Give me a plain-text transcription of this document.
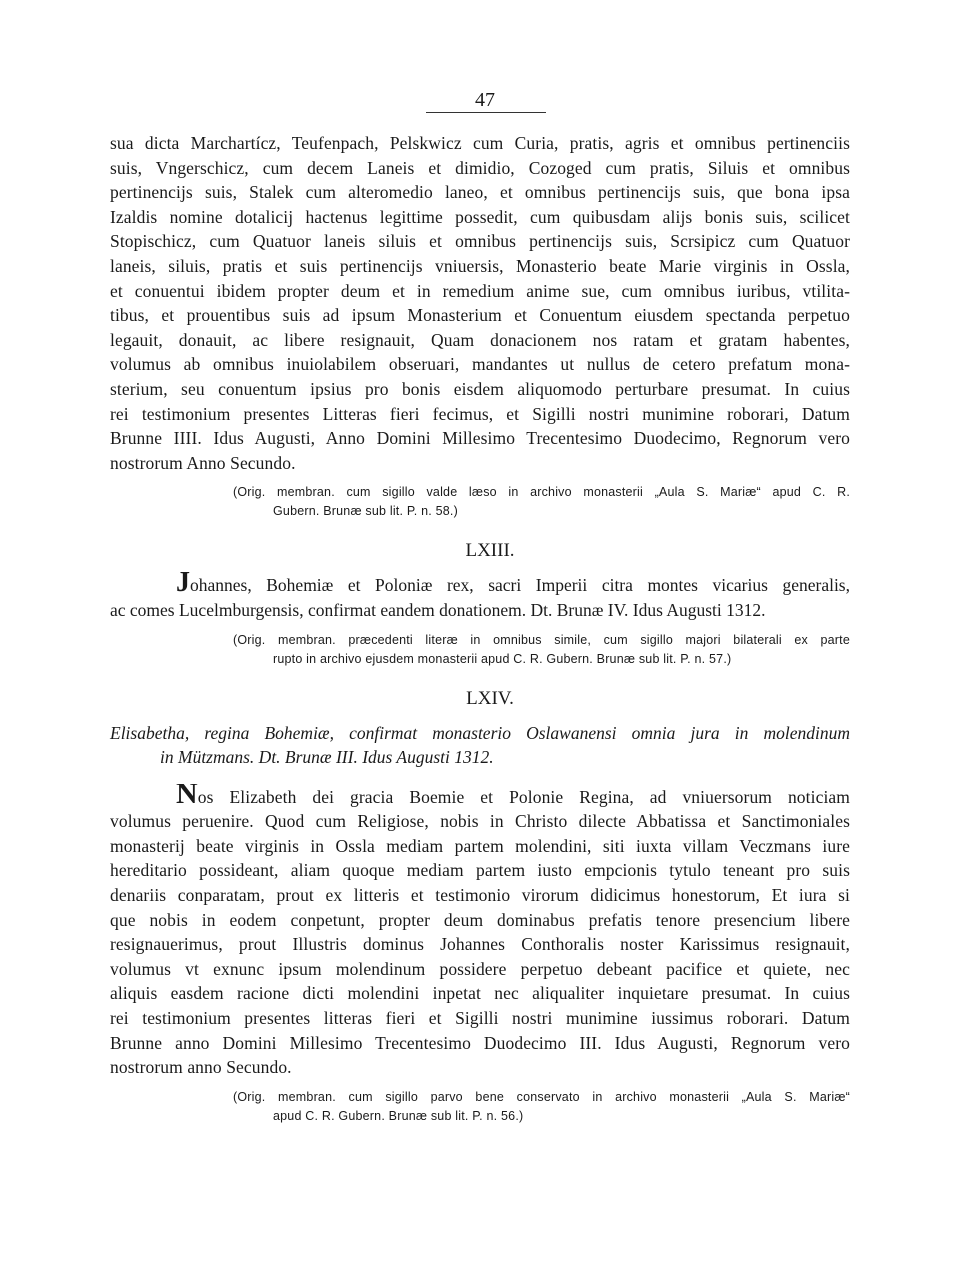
47
sua dicta Marchartícz, Teufenpach, Pelskwicz cum Curia, pratis, agris et omnibus pertinenciis
suis, Vngerschicz, cum decem Laneis et dimidio, Cozoged cum pratis, Siluis et omnibus
pertinencijs suis, Stalek cum alteromedio laneo, et omnibus pertinencijs suis, que bona ipsa
Izaldis nomine dotalicij hactenus legittime possedit, cum quibusdam alijs bonis suis, scilicet
Stopischicz, cum Quatuor laneis siluis et omnibus pertinencijs suis, Scrsipicz cum Quatuor
laneis, siluis, pratis et suis pertinencijs vniuersis, Monasterio beate Marie virginis in Ossla,
et conuentui ibidem propter deum et in remedium anime sue, cum omnibus iuribus, vtilita-
tibus, et prouentibus suis ad ipsum Monasterium et Conuentum eiusdem spectanda perpetuo
legauit, donauit, ac libere resignauit, Quam donacionem nos ratam et gratam habentes,
volumus ab omnibus inuiolabilem obseruari, mandantes ut nullus de cetero prefatum mona-
sterium, seu conuentum ipsius pro bonis eisdem aliquomodo perturbare presumat. In cuius
rei testimonium presentes Litteras fieri fecimus, et Sigilli nostri munimine roborari, Datum
Brunne IIII. Idus Augusti, Anno Domini Millesimo Trecentesimo Duodecimo, Regnorum vero
nostrorum Anno Secundo.
(Orig. membran. cum sigillo valde læso in archivo monasterii „Aula S. Mariæ“ apud C. R.
Gubern. Brunæ sub lit. P. n. 58.)
LXIII.
Johannes, Bohemiæ et Poloniæ rex, sacri Imperii citra montes vicarius generalis,
ac comes Lucelmburgensis, confirmat eandem donationem. Dt. Brunæ IV. Idus Augusti 1312.
(Orig. membran. præcedenti literæ in omnibus simile, cum sigillo majori bilaterali ex parte
rupto in archivo ejusdem monasterii apud C. R. Gubern. Brunæ sub lit. P. n. 57.)
LXIV.
Elisabetha, regina Bohemiæ, confirmat monasterio Oslawanensi omnia jura in molendinum
in Mützmans. Dt. Brunæ III. Idus Augusti 1312.
Nos Elizabeth dei gracia Boemie et Polonie Regina, ad vniuersorum noticiam
volumus peruenire. Quod cum Religiose, nobis in Christo dilecte Abbatissa et Sanctimoniales
monasterij beate virginis in Ossla mediam partem molendini, siti iuxta villam Veczmans iure
hereditario possideant, aliam quoque mediam partem iusto empcionis tytulo teneant pro suis
denariis conparatam, prout ex litteris et testimonio virorum didicimus honestorum, Et iura si
que nobis in eodem conpetunt, propter deum dominabus prefatis tenore presencium libere
resignauerimus, prout Illustris dominus Johannes Conthoralis noster Karissimus resignauit,
volumus vt exnunc ipsum molendinum possidere perpetuo debeant pacifice et quiete, nec
aliquis easdem racione dicti molendini inpetat nec aliqualiter inquietare presumat. In cuius
rei testimonium presentes litteras fieri et Sigilli nostri munimine iussimus roborari. Datum
Brunne anno Domini Millesimo Trecentesimo Duodecimo III. Idus Augusti, Regnorum vero
nostrorum anno Secundo.
(Orig. membran. cum sigillo parvo bene conservato in archivo monasterii „Aula S. Mariæ“
apud C. R. Gubern. Brunæ sub lit. P. n. 56.)
